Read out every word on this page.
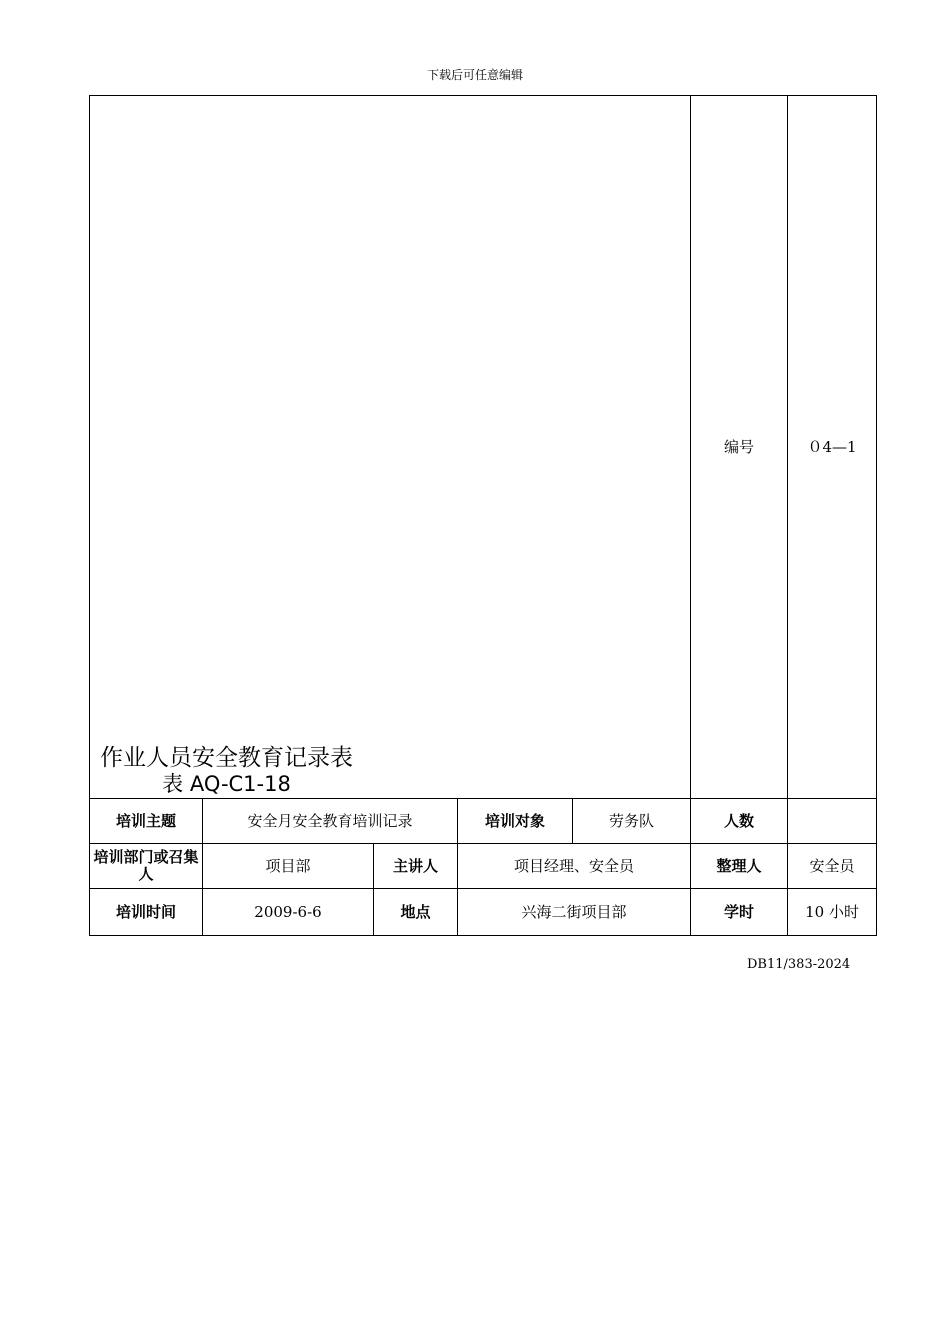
下载后可任意编辑
作业人员安全教育记录表
表 AQ-C1-18					编号	０4—1
培训主题	安全月安全教育培训记录		培训对象	劳务队	人数	
培训部门或召集人	项目部	主讲人	项目经理、安全员		整理人	安全员
培训时间	2009-6-6	地点	兴海二街项目部		学时	10 小时
DB11/383-2024
